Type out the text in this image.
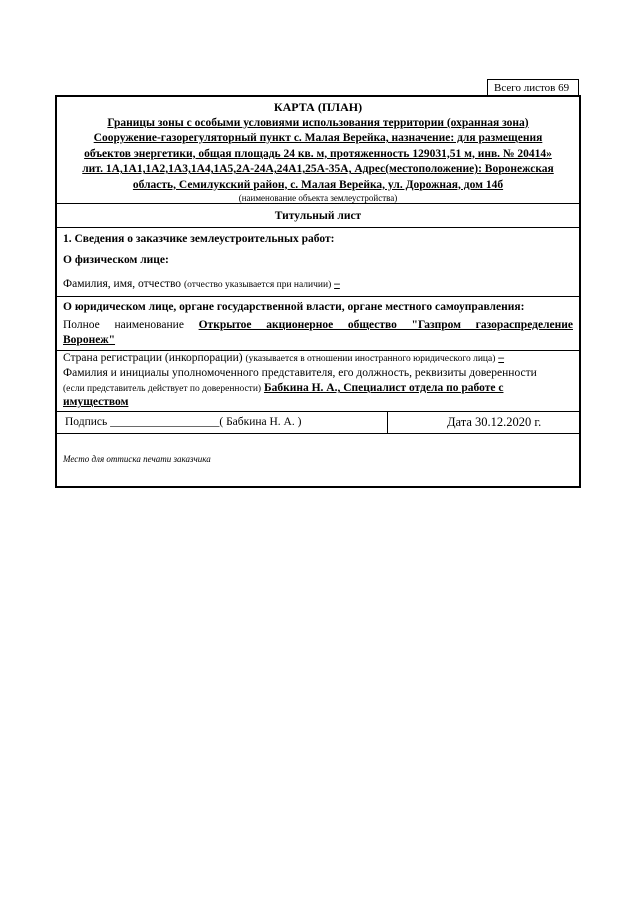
Всего листов 69
КАРТА (ПЛАН)
Границы зоны с особыми условиями использования территории (охранная зона)
Сооружение-газорегуляторный пункт с. Малая Верейка, назначение: для размещения
объектов энергетики, общая площадь 24 кв. м, протяженность 129031,51 м, инв. № 20414»
лит. 1А,1А1,1А2,1А3,1А4,1А5,2А-24А,24А1,25А-35А, Адрес(местоположение): Воронежская
область, Семилукский район, с. Малая Верейка, ул. Дорожная, дом 14б
(наименование объекта землеустройства)
Титульный лист
1. Сведения о заказчике землеустроительных работ:
О физическом лице:
Фамилия, имя, отчество (отчество указывается при наличии) –
О юридическом лице, органе государственной власти, органе местного самоуправления:
Полное наименование Открытое акционерное общество "Газпром газораспределение
Воронеж"
Страна регистрации (инкорпорации) (указывается в отношении иностранного юридического лица) –
Фамилия и инициалы уполномоченного представителя, его должность, реквизиты доверенности
(если представитель действует по доверенности) Бабкина Н. А., Специалист отдела по работе с
имуществом
Подпись ___________________( Бабкина Н. А. )	Дата 30.12.2020 г.
Место для оттиска печати заказчика
